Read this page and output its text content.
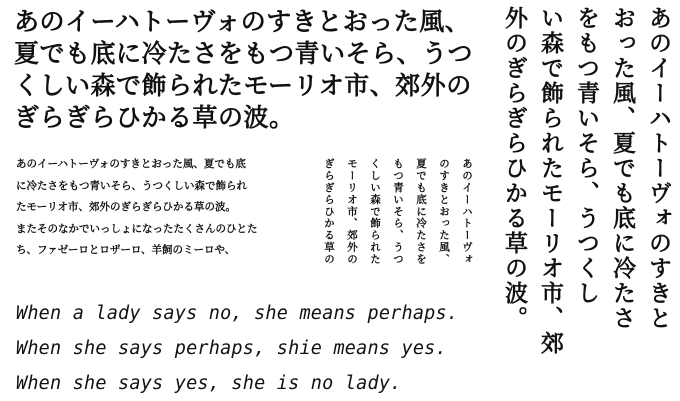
あのイーハトーヴォのすきとおった風、
夏でも底に冷たさをもつ青いそら、うつ
くしい森で飾られたモーリオ市、郊外の
ぎらぎらひかる草の波。
あのイーハトーヴォのすきとおった風、夏でも底
に冷たさをもつ青いそら、うつくしい森で飾られ
たモーリオ市、郊外のぎらぎらひかる草の波。
またそのなかでいっしょになったたくさんのひとた
ち、ファゼーロとロザーロ、羊飼のミーロや、	あのイーハトーヴォ
のすきとおった風、
夏でも底に冷たさを
もつ青いそら、うつ
くしい森で飾られた
モーリオ市、郊外の
ぎらぎらひかる草の	あのイーハトーヴォのすきと
おった風、夏でも底に冷たさ
をもつ青いそら、うつくし
い森で飾られたモーリオ市、郊
外のぎらぎらひかる草の波。
When a lady says no, she means perhaps.
When she says perhaps, shie means yes.
When she says yes, she is no lady.
